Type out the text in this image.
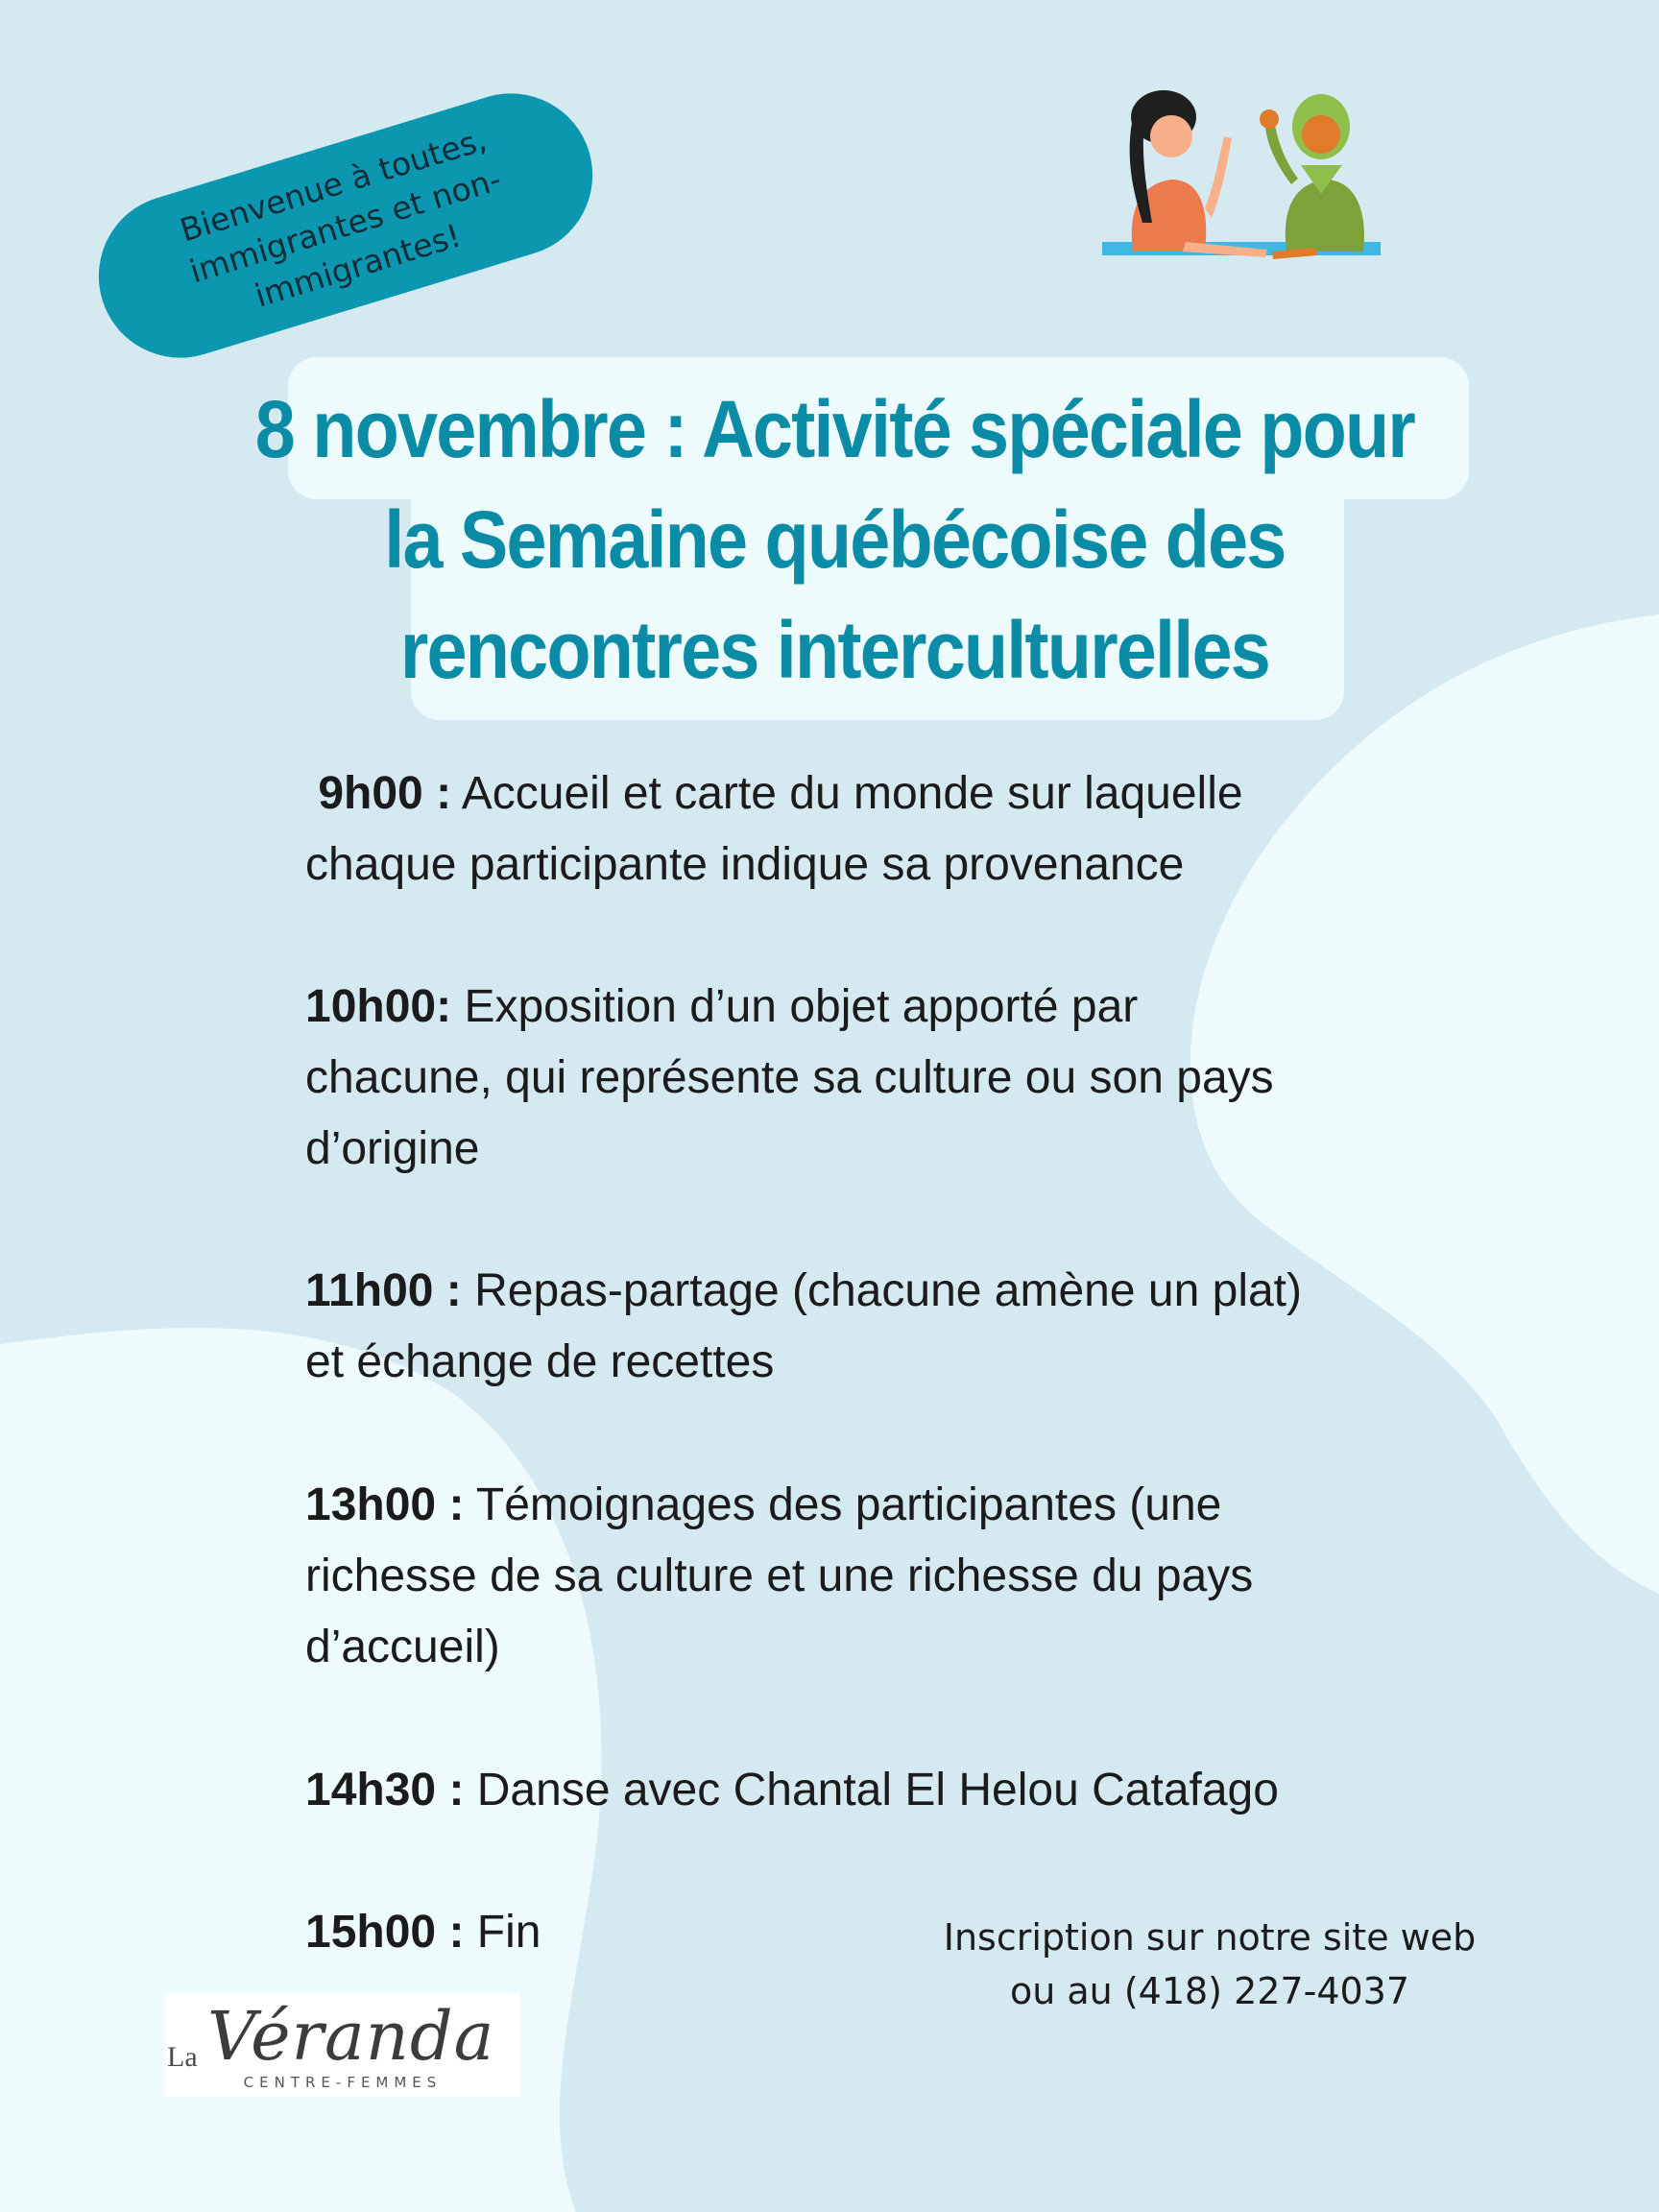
Bienvenue à toutes,
immigrantes et non-
immigrantes!
8 novembre : Activité spéciale pour
la Semaine québécoise des
rencontres interculturelles
9h00 : Accueil et carte du monde sur laquelle
chaque participante indique sa provenance
10h00: Exposition d’un objet apporté par
chacune, qui représente sa culture ou son pays
d’origine
11h00 : Repas-partage (chacune amène un plat)
et échange de recettes
13h00 : Témoignages des participantes (une
richesse de sa culture et une richesse du pays
d’accueil)
14h30 : Danse avec Chantal El Helou Catafago
15h00 : Fin	Inscription sur notre site web
ou au (418) 227-4037
La Véranda
CENTRE-FEMMES
